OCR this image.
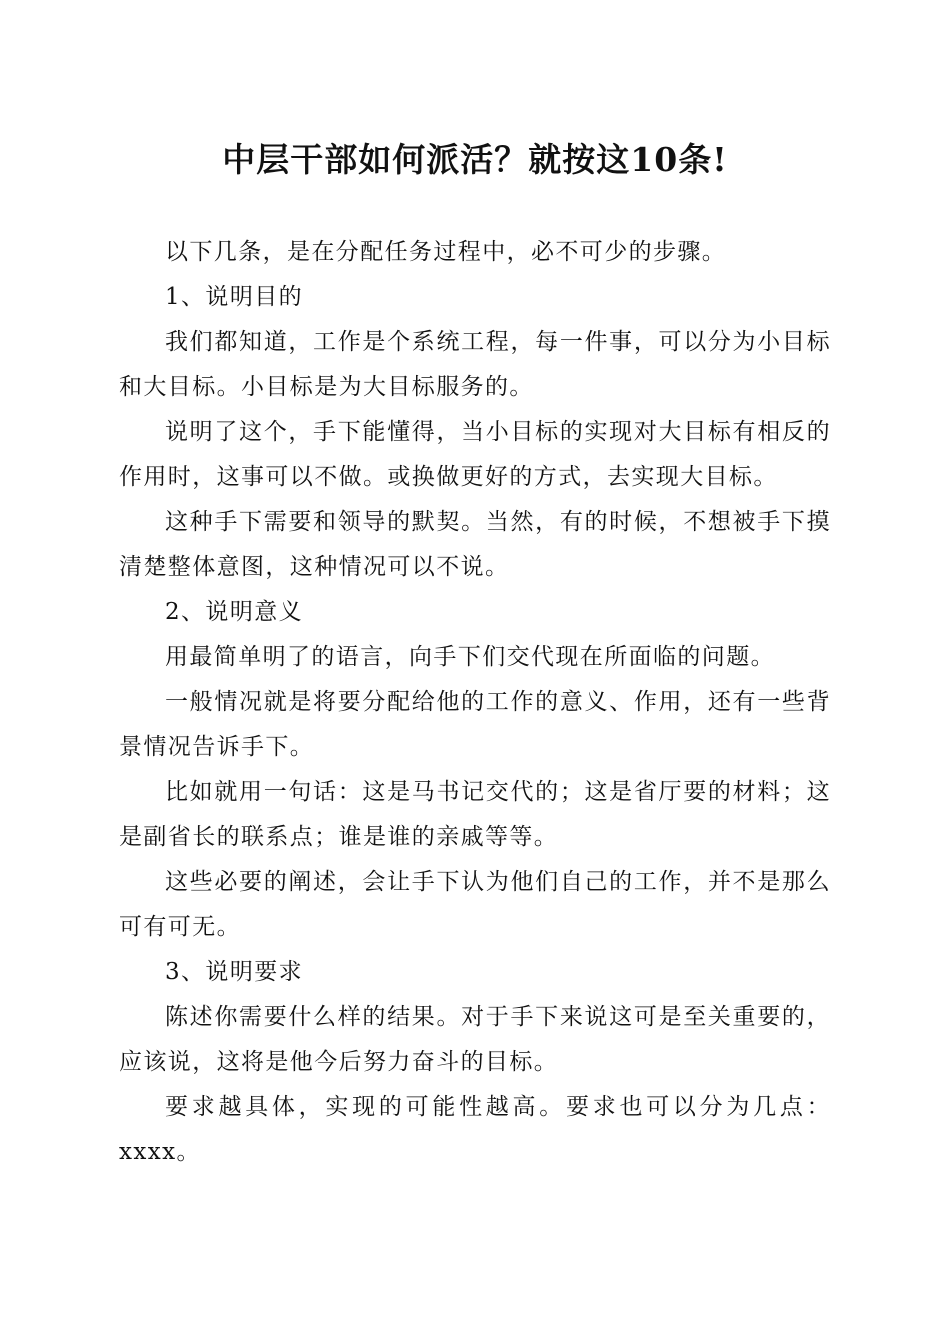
中层干部如何派活？就按这10条!

以下几条，是在分配任务过程中，必不可少的步骤。

1、说明目的

我们都知道，工作是个系统工程，每一件事，可以分为小目标和大目标。小目标是为大目标服务的。

说明了这个，手下能懂得，当小目标的实现对大目标有相反的作用时，这事可以不做。或换做更好的方式，去实现大目标。

这种手下需要和领导的默契。当然，有的时候，不想被手下摸清楚整体意图，这种情况可以不说。

2、说明意义

用最简单明了的语言，向手下们交代现在所面临的问题。

一般情况就是将要分配给他的工作的意义、作用，还有一些背景情况告诉手下。

比如就用一句话：这是马书记交代的；这是省厅要的材料；这是副省长的联系点；谁是谁的亲戚等等。

这些必要的阐述，会让手下认为他们自己的工作，并不是那么可有可无。

3、说明要求

陈述你需要什么样的结果。对于手下来说这可是至关重要的，应该说，这将是他今后努力奋斗的目标。

要求越具体，实现的可能性越高。要求也可以分为几点：xxxx。
